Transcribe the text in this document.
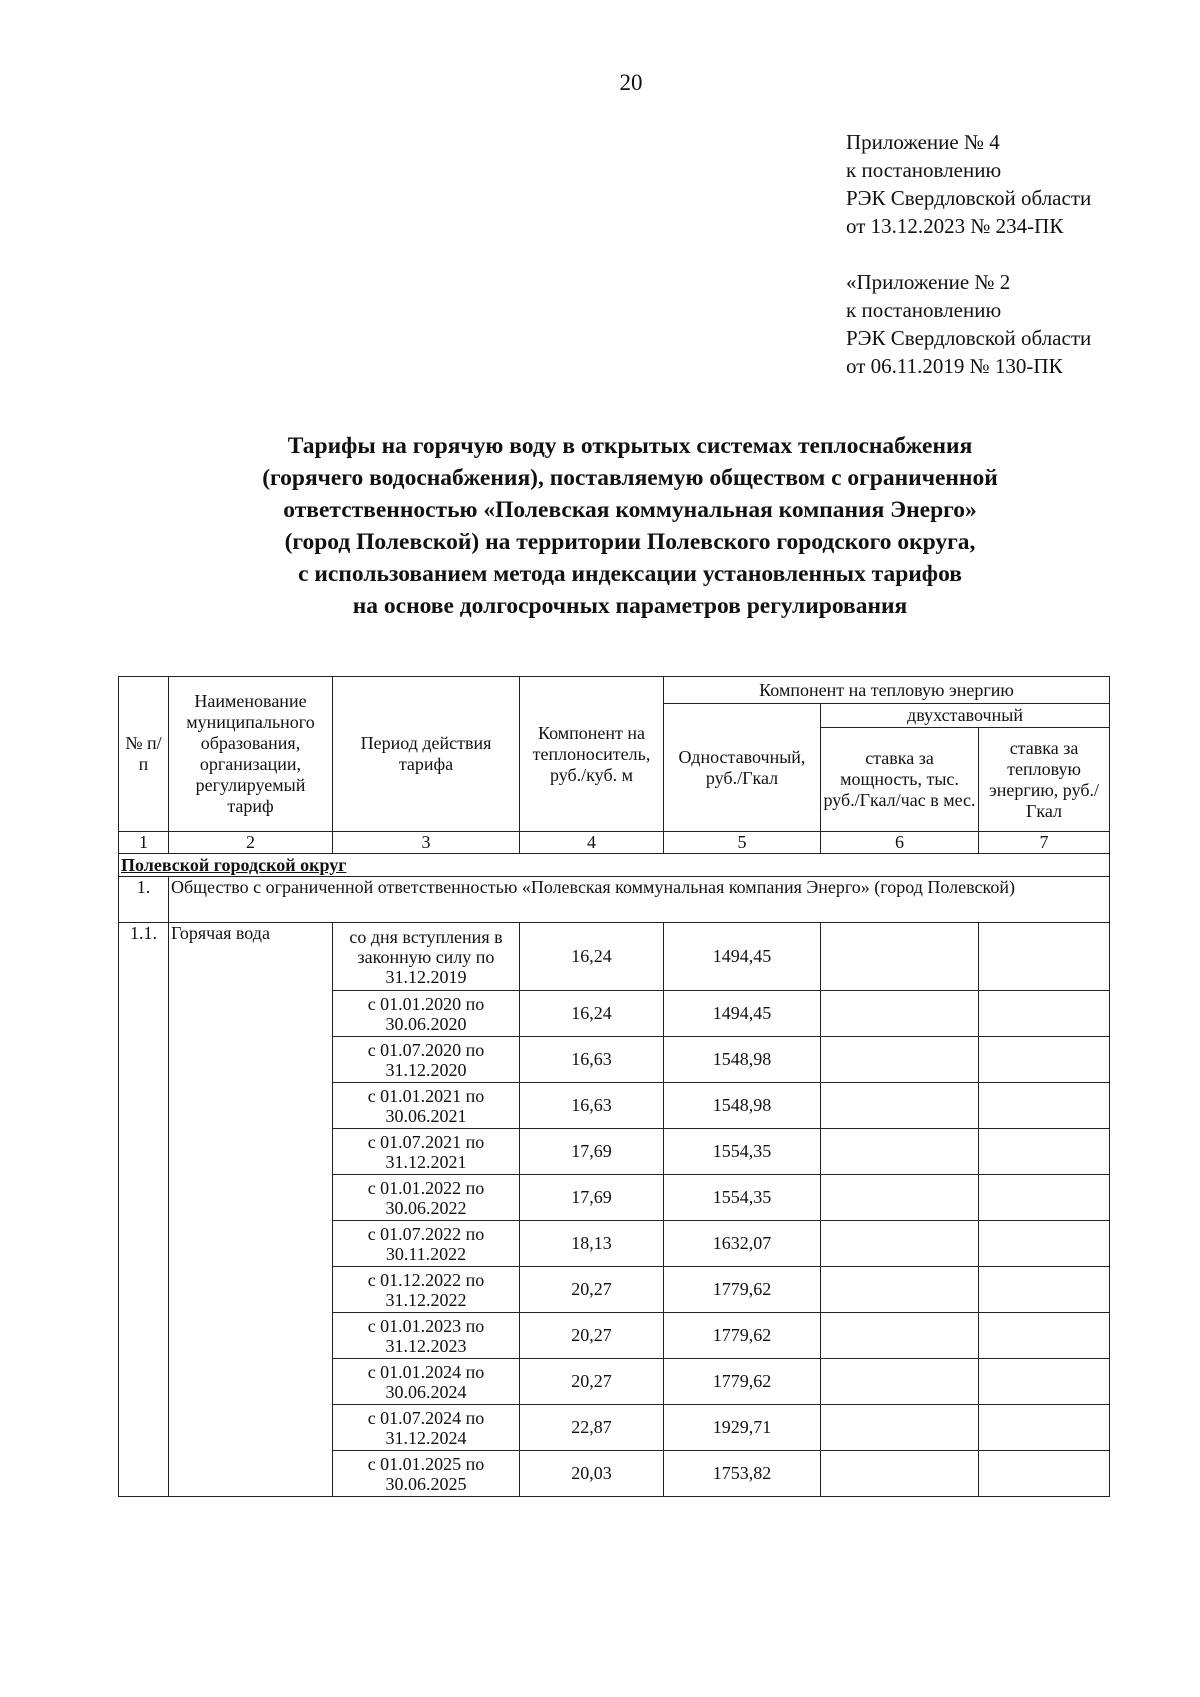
20
Приложение № 4
к постановлению
РЭК Свердловской области
от 13.12.2023 № 234-ПК
«Приложение № 2
к постановлению
РЭК Свердловской области
от 06.11.2019 № 130-ПК
Тарифы на горячую воду в открытых системах теплоснабжения
(горячего водоснабжения), поставляемую обществом с ограниченной
ответственностью «Полевская коммунальная компания Энерго»
(город Полевской) на территории Полевского городского округа,
с использованием метода индексации установленных тарифов
на основе долгосрочных параметров регулирования
№ п/п	Наименование муниципального образования, организации, регулируемый тариф	Период действия тарифа	Компонент на теплоноситель, руб./куб. м	Компонент на тепловую энергию		
				Одноставочный, руб./Гкал	двухставочный	
					ставка за мощность, тыс. руб./Гкал/час в мес.	ставка за тепловую энергию, руб./Гкал
1	2	3	4	5	6	7
Полевской городской округ						
1.	Общество с ограниченной ответственностью «Полевская коммунальная компания Энерго» (город Полевской)					
1.1.	Горячая вода	со дня вступления в законную силу по 31.12.2019	16,24	1494,45		
		с 01.01.2020 по 30.06.2020	16,24	1494,45		
		с 01.07.2020 по 31.12.2020	16,63	1548,98		
		с 01.01.2021 по 30.06.2021	16,63	1548,98		
		с 01.07.2021 по 31.12.2021	17,69	1554,35		
		с 01.01.2022 по 30.06.2022	17,69	1554,35		
		с 01.07.2022 по 30.11.2022	18,13	1632,07		
		с 01.12.2022 по 31.12.2022	20,27	1779,62		
		с 01.01.2023 по 31.12.2023	20,27	1779,62		
		с 01.01.2024 по 30.06.2024	20,27	1779,62		
		с 01.07.2024 по 31.12.2024	22,87	1929,71		
		с 01.01.2025 по 30.06.2025	20,03	1753,82		
